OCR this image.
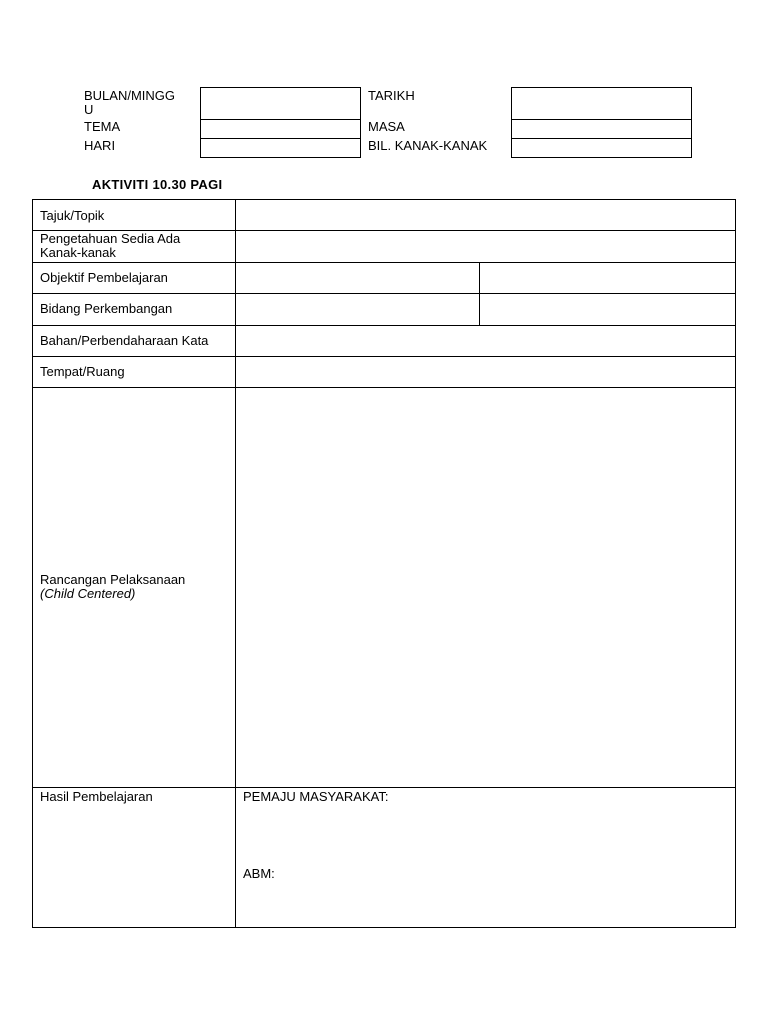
BULAN/MINGG
U
TEMA
HARI
TARIKH
MASA
BIL. KANAK-KANAK
AKTIVITI 10.30 PAGI
Tajuk/Topik
Pengetahuan Sedia Ada
Kanak-kanak
Objektif Pembelajaran
Bidang Perkembangan
Bahan/Perbendaharaan Kata
Tempat/Ruang
Rancangan Pelaksanaan
(Child Centered)
Hasil Pembelajaran	PEMAJU MASYARAKAT:
ABM:
